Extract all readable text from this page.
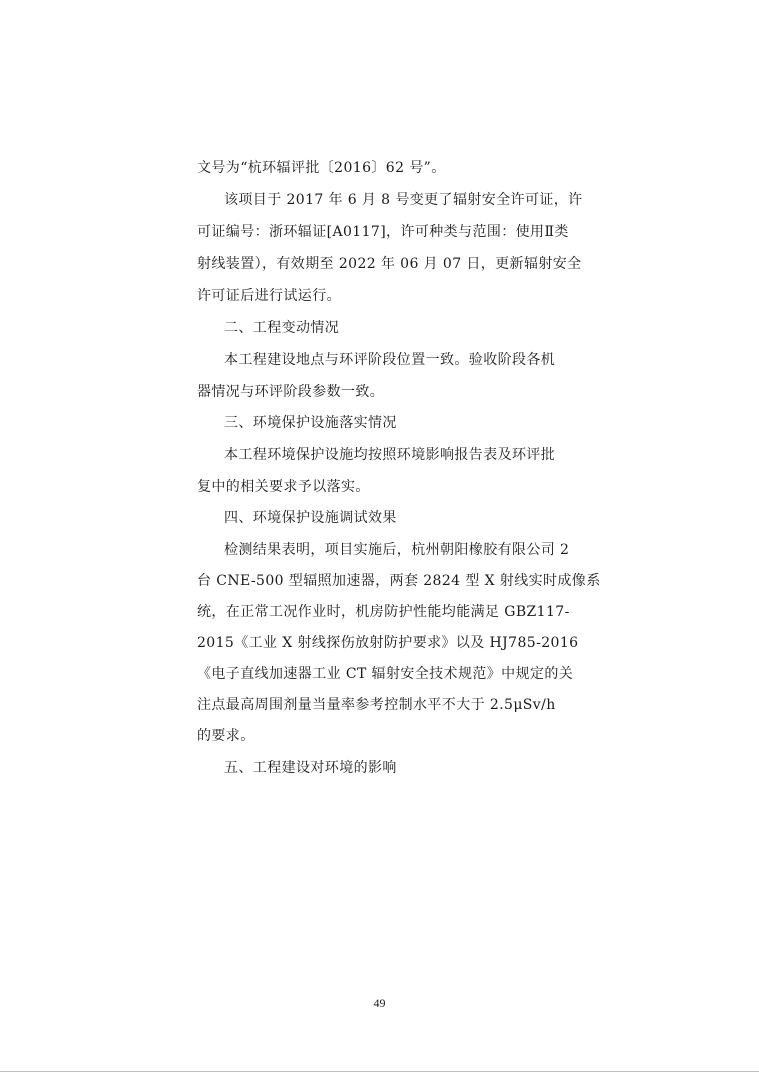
文号为“杭环辐评批〔2016〕62 号”。
该项目于 2017 年 6 月 8 号变更了辐射安全许可证，许
可证编号：浙环辐证[A0117]，许可种类与范围：使用Ⅱ类
射线装置），有效期至 2022 年 06 月 07 日，更新辐射安全
许可证后进行试运行。
二、工程变动情况
本工程建设地点与环评阶段位置一致。验收阶段各机
器情况与环评阶段参数一致。
三、环境保护设施落实情况
本工程环境保护设施均按照环境影响报告表及环评批
复中的相关要求予以落实。
四、环境保护设施调试效果
检测结果表明，项目实施后，杭州朝阳橡胶有限公司 2
台 CNE-500 型辐照加速器，两套 2824 型 X 射线实时成像系
统，在正常工况作业时，机房防护性能均能满足 GBZ117-
2015《工业 X 射线探伤放射防护要求》以及 HJ785-2016
《电子直线加速器工业 CT 辐射安全技术规范》中规定的关
注点最高周围剂量当量率参考控制水平不大于 2.5μSv/h
的要求。
五、工程建设对环境的影响
49
